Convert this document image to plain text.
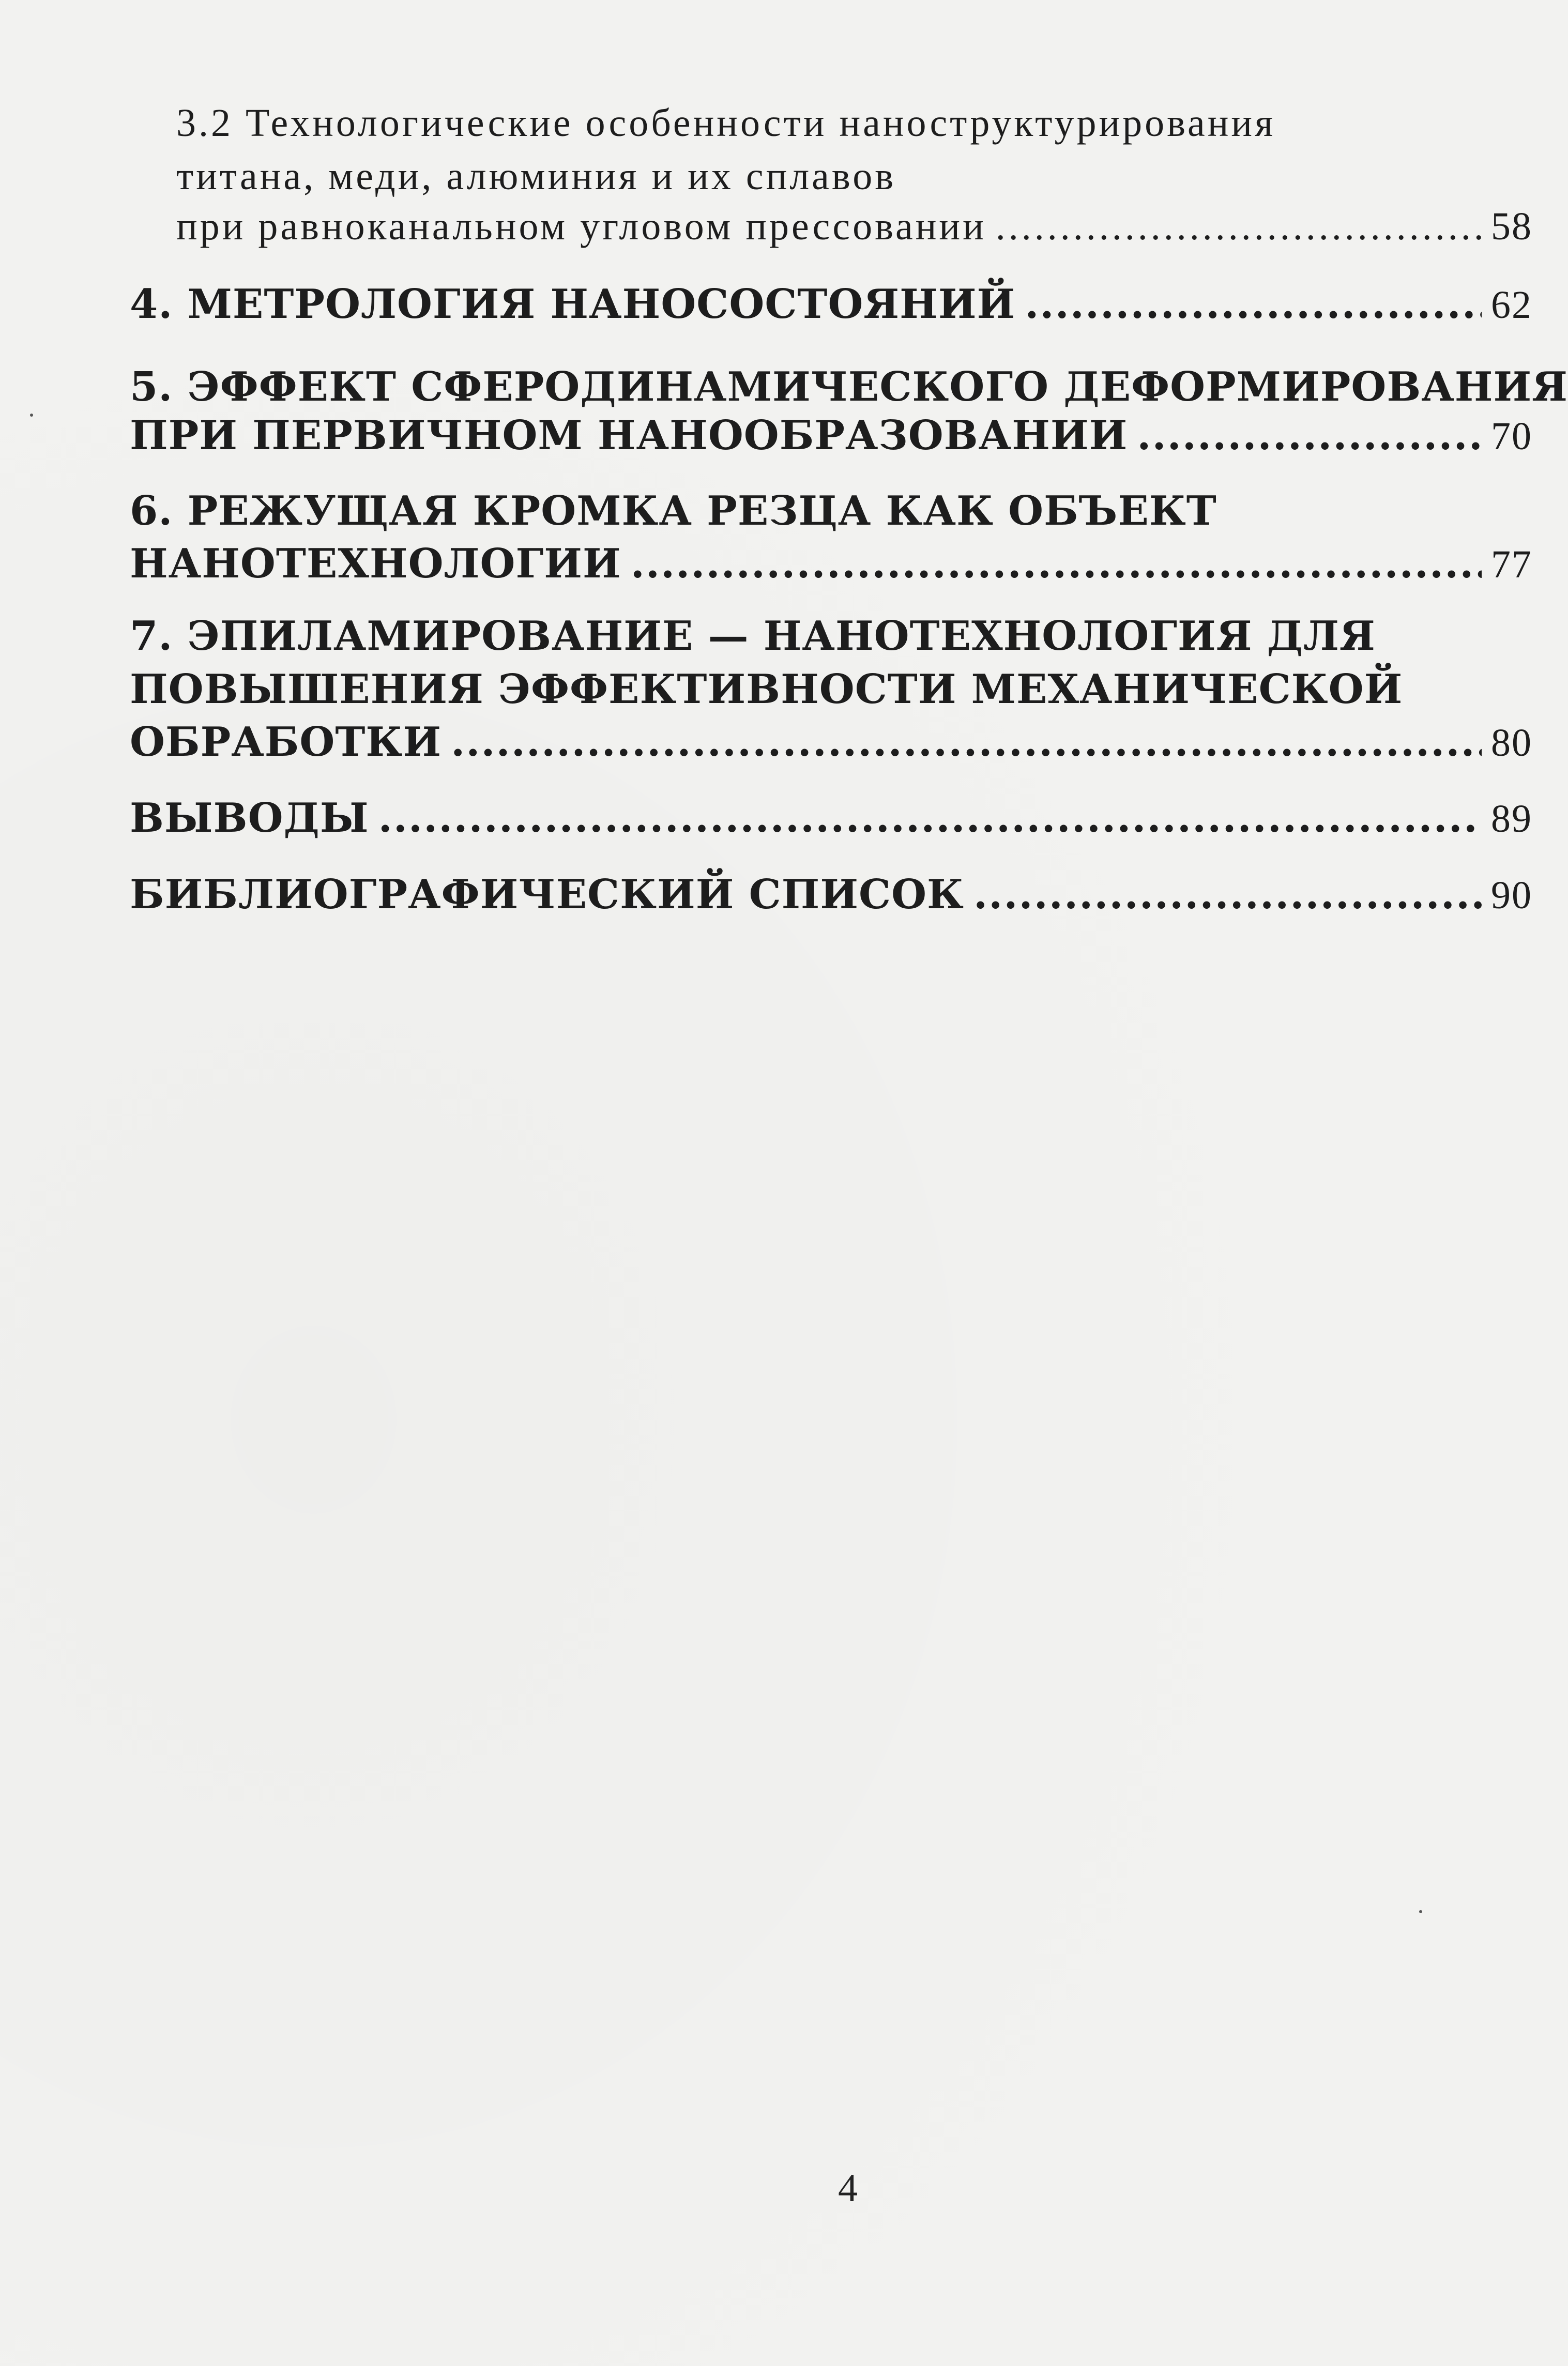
3.2 Технологические особенности наноструктурирования
титана, меди, алюминия и их сплавов
при равноканальном угловом прессовании .....	58
4. МЕТРОЛОГИЯ НАНОСОСТОЯНИЙ .....	62
5. ЭФФЕКТ СФЕРОДИНАМИЧЕСКОГО ДЕФОРМИРОВАНИЯ
ПРИ ПЕРВИЧНОМ НАНООБРАЗОВАНИИ .....	70
6. РЕЖУЩАЯ КРОМКА РЕЗЦА КАК ОБЪЕКТ
НАНОТЕХНОЛОГИИ .....	77
7. ЭПИЛАМИРОВАНИЕ — НАНОТЕХНОЛОГИЯ ДЛЯ
ПОВЫШЕНИЯ ЭФФЕКТИВНОСТИ МЕХАНИЧЕСКОЙ
ОБРАБОТКИ .....	80
ВЫВОДЫ .....	89
БИБЛИОГРАФИЧЕСКИЙ СПИСОК .....	90
4
